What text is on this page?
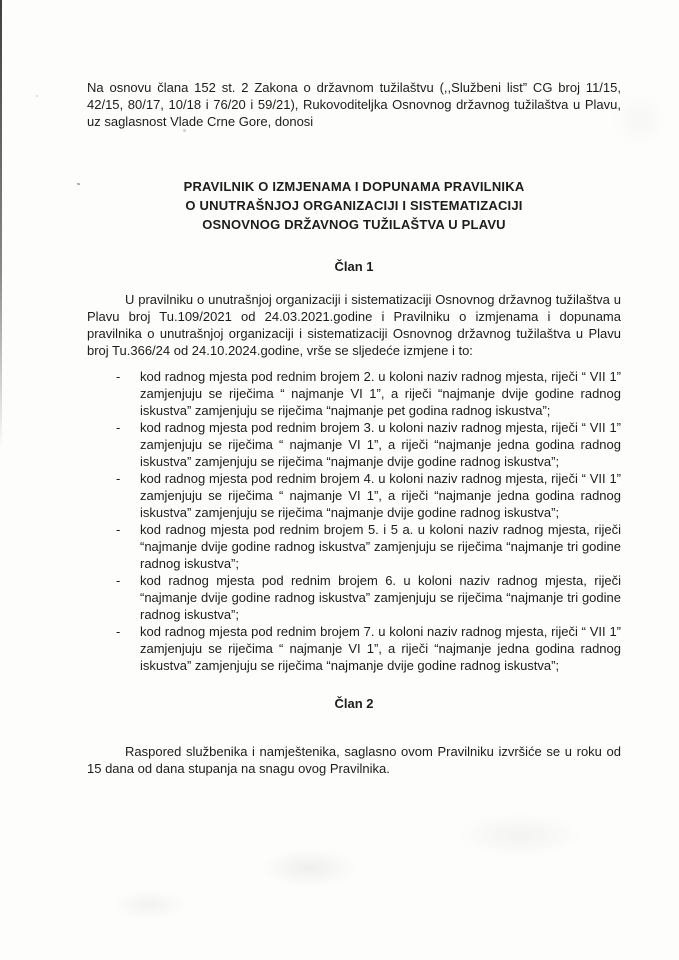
Na osnovu člana 152 st. 2 Zakona o državnom tužilaštvu (,,Službeni list” CG broj 11/15, 42/15, 80/17, 10/18 i 76/20 i 59/21), Rukovoditeljka Osnovnog državnog tužilaštva u Plavu, uz saglasnost Vlade Crne Gore, donosi

PRAVILNIK O IZMJENAMA I DOPUNAMA PRAVILNIKA
O UNUTRAŠNJOJ ORGANIZACIJI I SISTEMATIZACIJI
OSNOVNOG DRŽAVNOG TUŽILAŠTVA U PLAVU
Član 1

U pravilniku o unutrašnjoj organizaciji i sistematizaciji Osnovnog državnog tužilaštva u Plavu broj Tu.109/2021 od 24.03.2021.godine i Pravilniku o izmjenama i dopunama pravilnika o unutrašnjoj organizaciji i sistematizaciji Osnovnog državnog tužilaštva u Plavu broj Tu.366/24 od 24.10.2024.godine, vrše se sljedeće izmjene i to:

-	kod radnog mjesta pod rednim brojem 2. u koloni naziv radnog mjesta, riječi “ VII 1” zamjenjuju se riječima “ najmanje VI 1”, a riječi “najmanje dvije godine radnog iskustva” zamjenjuju se riječima “najmanje pet godina radnog iskustva”;
-	kod radnog mjesta pod rednim brojem 3. u koloni naziv radnog mjesta, riječi “ VII 1” zamjenjuju se riječima “ najmanje VI 1”, a riječi “najmanje jedna godina radnog iskustva” zamjenjuju se riječima “najmanje dvije godine radnog iskustva”;
-	kod radnog mjesta pod rednim brojem 4. u koloni naziv radnog mjesta, riječi “ VII 1” zamjenjuju se riječima “ najmanje VI 1”, a riječi “najmanje jedna godina radnog iskustva” zamjenjuju se riječima “najmanje dvije godine radnog iskustva”;
-	kod radnog mjesta pod rednim brojem 5. i 5 a. u koloni naziv radnog mjesta, riječi “najmanje dvije godine radnog iskustva” zamjenjuju se riječima “najmanje tri godine radnog iskustva”;
-	kod radnog mjesta pod rednim brojem 6. u koloni naziv radnog mjesta, riječi “najmanje dvije godine radnog iskustva” zamjenjuju se riječima “najmanje tri godine radnog iskustva”;
-	kod radnog mjesta pod rednim brojem 7. u koloni naziv radnog mjesta, riječi “ VII 1” zamjenjuju se riječima “ najmanje VI 1”, a riječi “najmanje jedna godina radnog iskustva” zamjenjuju se riječima “najmanje dvije godine radnog iskustva”;
Član 2

Raspored službenika i namještenika, saglasno ovom Pravilniku izvršiće se u roku od 15 dana od dana stupanja na snagu ovog Pravilnika.
